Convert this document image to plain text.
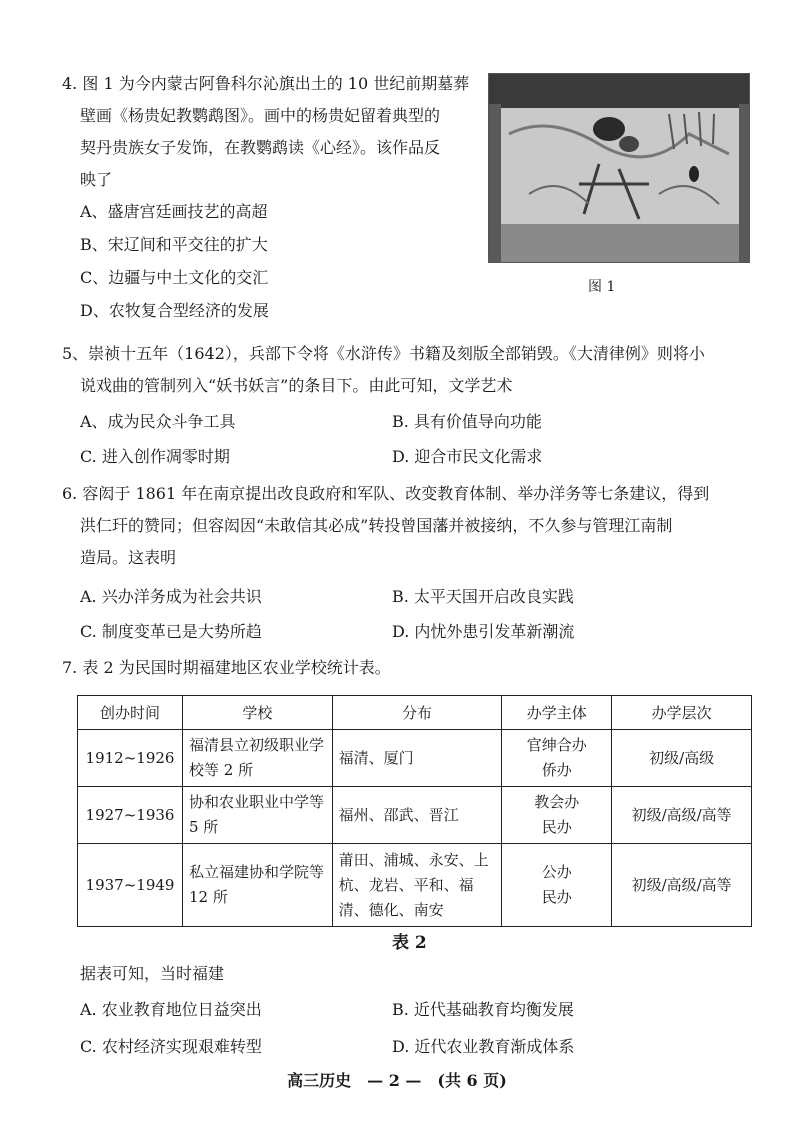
4. 图 1 为今内蒙古阿鲁科尔沁旗出土的 10 世纪前期墓葬
壁画《杨贵妃教鹦鹉图》。画中的杨贵妃留着典型的
契丹贵族女子发饰，在教鹦鹉读《心经》。该作品反
映了
A、盛唐宫廷画技艺的高超
B、宋辽间和平交往的扩大
C、边疆与中土文化的交汇
D、农牧复合型经济的发展
图 1
5、崇祯十五年（1642），兵部下令将《水浒传》书籍及刻版全部销毁。《大清律例》则将小
说戏曲的管制列入“妖书妖言”的条目下。由此可知，文学艺术
A、成为民众斗争工具	B. 具有价值导向功能
C. 进入创作凋零时期	D. 迎合市民文化需求
6. 容闳于 1861 年在南京提出改良政府和军队、改变教育体制、举办洋务等七条建议，得到
洪仁玕的赞同；但容闳因“未敢信其必成”转投曾国藩并被接纳，不久参与管理江南制
造局。这表明
A. 兴办洋务成为社会共识	B. 太平天国开启改良实践
C. 制度变革已是大势所趋	D. 内忧外患引发革新潮流
7. 表 2 为民国时期福建地区农业学校统计表。
创办时间	学校	分布	办学主体	办学层次
1912~1926	福清县立初级职业学校等 2 所	福清、厦门	官绅合办侨办	初级/高级
1927~1936	协和农业职业中学等 5 所	福州、邵武、晋江	教会办民办	初级/高级/高等
1937~1949	私立福建协和学院等 12 所	莆田、浦城、永安、上杭、龙岩、平和、福清、德化、南安	公办民办	初级/高级/高等
表 2
据表可知，当时福建
A. 农业教育地位日益突出	B. 近代基础教育均衡发展
C. 农村经济实现艰难转型	D. 近代农业教育渐成体系
高三历史　— 2 —　(共 6 页)
